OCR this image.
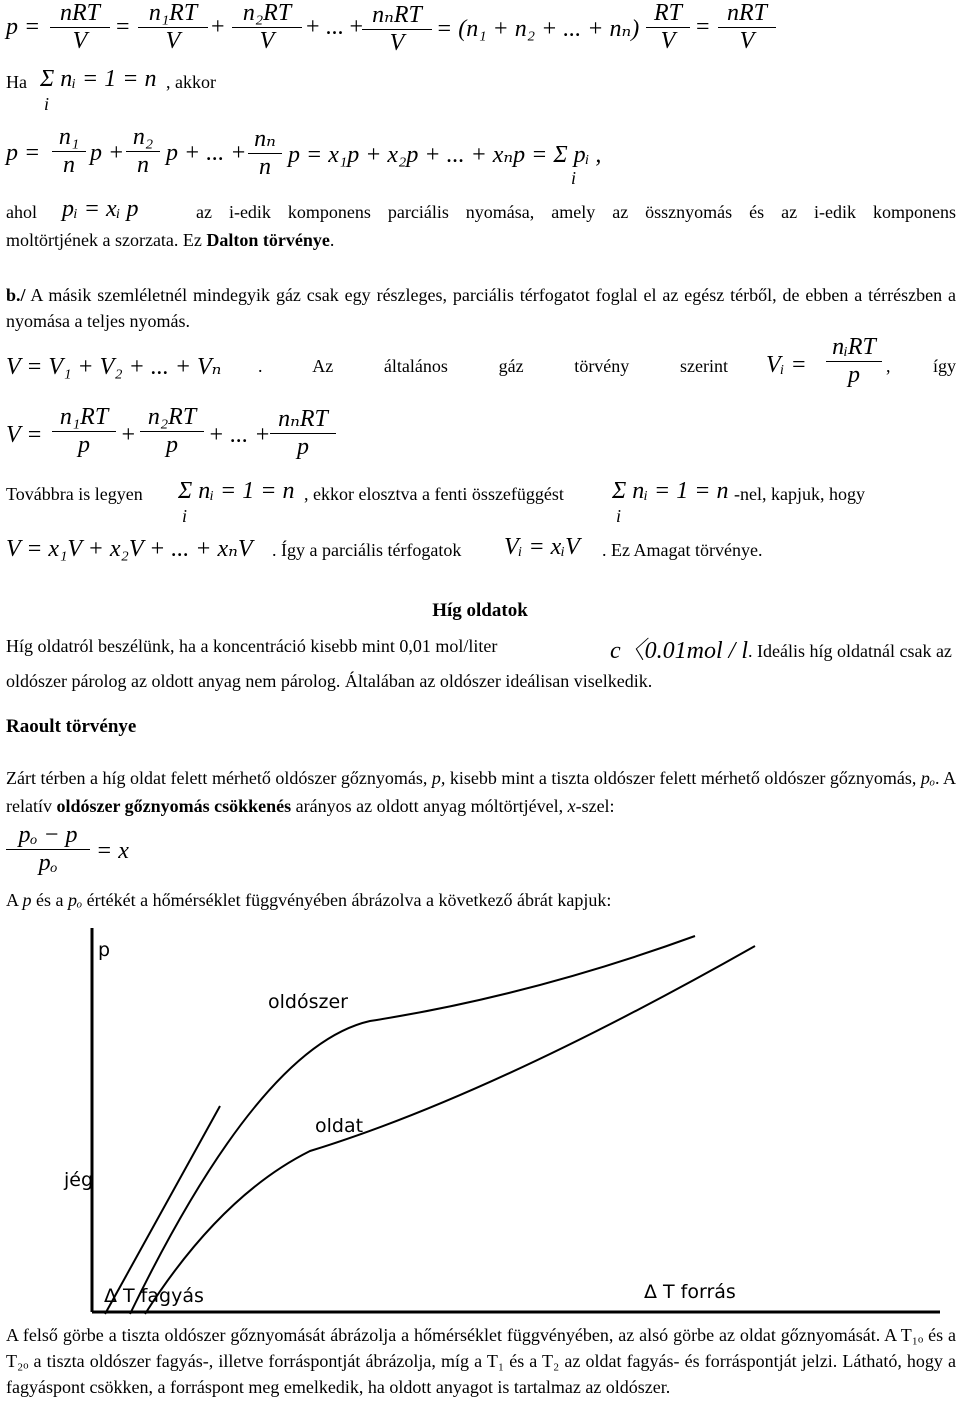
p =
nRT
V
=
n₁RT
V
+
n₂RT
V
+ ... + nₙRT
V
= (n₁ + n₂ + ... + nₙ)
RT
V
=
nRT
V
Ha Σ nᵢ = 1 = n
i
, akkor
p =
n₁
n p +
n₂
n p + ... +
nₙ
n p = x₁p + x₂p + ... + xₙp = Σ pᵢ ,
i
ahol pᵢ = xᵢ p	az i-edik komponens parciális nyomása, amely az össznyomás és az i-edik komponens
moltörtjének a szorzata. Ez Dalton törvénye.
b./ A másik szemléletnél mindegyik gáz csak egy részleges, parciális térfogatot foglal el az egész térből, de ebben a térrészben a nyomása a teljes nyomás.
V = V₁ + V₂ + ... + Vₙ . Az általános gáz törvény szerint Vᵢ =
nᵢRT
p	, így
V =
n₁RT
p	+
n₂RT
p	+ ... +
nₙRT
p
Továbbra is legyen Σ nᵢ = 1 = n
i
, ekkor elosztva a fenti összefüggést Σ nᵢ = 1 = n
i
-nel, kapjuk, hogy
V = x₁V + x₂V + ... + xₙV . Így a parciális térfogatok Vᵢ = xᵢV . Ez Amagat törvénye.
Híg oldatok
Híg oldatról beszélünk, ha a koncentráció kisebb mint 0,01 mol/liter	c〈0.01mol / l . Ideális híg oldatnál csak az oldószer párolog az oldott anyag nem párolog. Általában az oldószer ideálisan viselkedik.
Raoult törvénye
Zárt térben a híg oldat felett mérhető oldószer gőznyomás, p, kisebb mint a tiszta oldószer felett mérhető oldószer gőznyomás, pₒ. A relatív oldószer gőznyomás csökkenés arányos az oldott anyag móltörtjével, x-szel:
pₒ − p
pₒ	= x
A p és a pₒ értékét a hőmérséklet függvényében ábrázolva a következő ábrát kapjuk:
p
oldószer
oldat
jég
Δ T fagyás	Δ T forrás
A felső görbe a tiszta oldószer gőznyomását ábrázolja a hőmérséklet függvényében, az alsó görbe az oldat gőznyomását. A T₁ₒ és a T₂ₒ a tiszta oldószer fagyás-, illetve forráspontját ábrázolja, míg a T₁ és a T₂ az oldat fagyás- és forráspontját jelzi. Látható, hogy a fagyáspont csökken, a forráspont meg emelkedik, ha oldott anyagot is tartalmaz az oldószer.
